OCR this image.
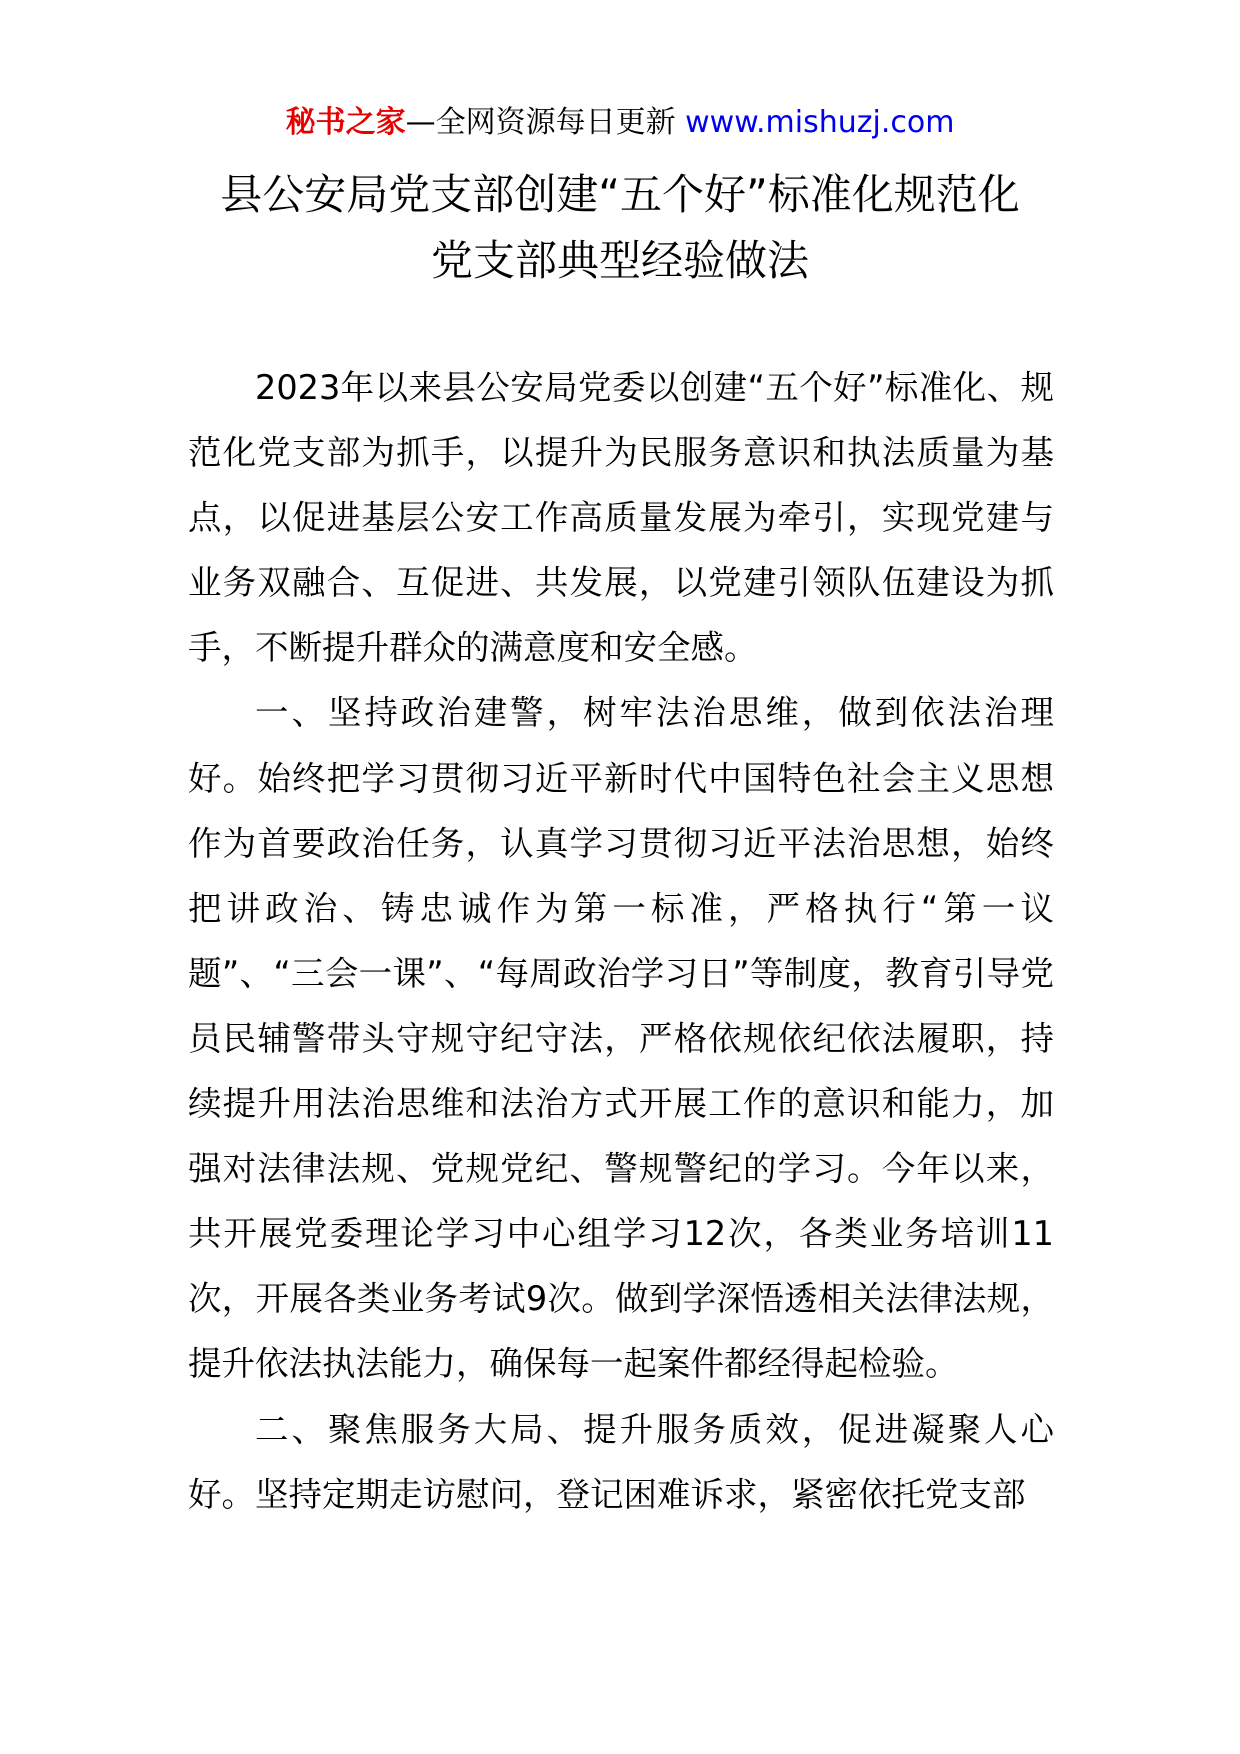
秘书之家—全网资源每日更新 www.mishuzj.com
县公安局党支部创建“五个好”标准化规范化
党支部典型经验做法

2023年以来县公安局党委以创建“五个好”标准化、规范化党支部为抓手，以提升为民服务意识和执法质量为基点，以促进基层公安工作高质量发展为牵引，实现党建与业务双融合、互促进、共发展，以党建引领队伍建设为抓手，不断提升群众的满意度和安全感。

一、坚持政治建警，树牢法治思维，做到依法治理好。始终把学习贯彻习近平新时代中国特色社会主义思想作为首要政治任务，认真学习贯彻习近平法治思想，始终把讲政治、铸忠诚作为第一标准，严格执行“第一议题”、“三会一课”、“每周政治学习日”等制度，教育引导党员民辅警带头守规守纪守法，严格依规依纪依法履职，持续提升用法治思维和法治方式开展工作的意识和能力，加强对法律法规、党规党纪、警规警纪的学习。今年以来，共开展党委理论学习中心组学习12次，各类业务培训11次，开展各类业务考试9次。做到学深悟透相关法律法规，提升依法执法能力，确保每一起案件都经得起检验。

二、聚焦服务大局、提升服务质效，促进凝聚人心好。坚持定期走访慰问，登记困难诉求，紧密依托党支部
